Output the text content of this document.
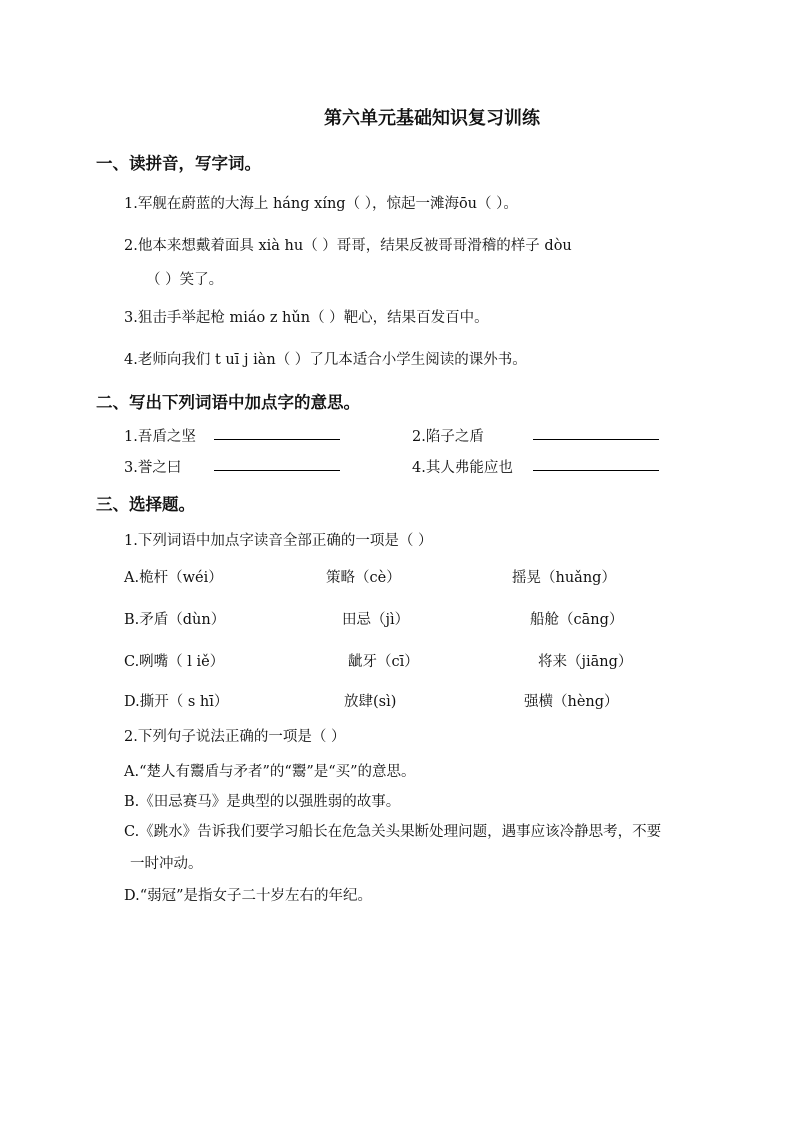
第六单元基础知识复习训练
一、读拼音，写字词。
1.军舰在蔚蓝的大海上 háng xíng（ ），惊起一滩海ōu（ ）。
2.他本来想戴着面具 xià hu（ ）哥哥，结果反被哥哥滑稽的样子 dòu
（ ）笑了。
3.狙击手举起枪 miáo z hǔn（ ）靶心，结果百发百中。
4.老师向我们 t uī j iàn（ ）了几本适合小学生阅读的课外书。
二、写出下列词语中加点字的意思。
1.吾盾之坚	2.陷子之盾
3.誉之曰	4.其人弗能应也
三、选择题。
1.下列词语中加点字读音全部正确的一项是（ ）
A.桅杆（wéi）	策略（cè）	摇晃（huǎng）
B.矛盾（dùn）	田忌（jì）	船舱（cāng）
C.咧嘴（ l iě）	龇牙（cī）	将来（jiāng）
D.撕开（ s hī）	放肆(sì)	强横（hèng）
2.下列句子说法正确的一项是（ ）
A.“楚人有鬻盾与矛者”的“鬻”是“买”的意思。
B.《田忌赛马》是典型的以强胜弱的故事。
C.《跳水》告诉我们要学习船长在危急关头果断处理问题，遇事应该冷静思考，不要
一时冲动。
D.“弱冠”是指女子二十岁左右的年纪。
